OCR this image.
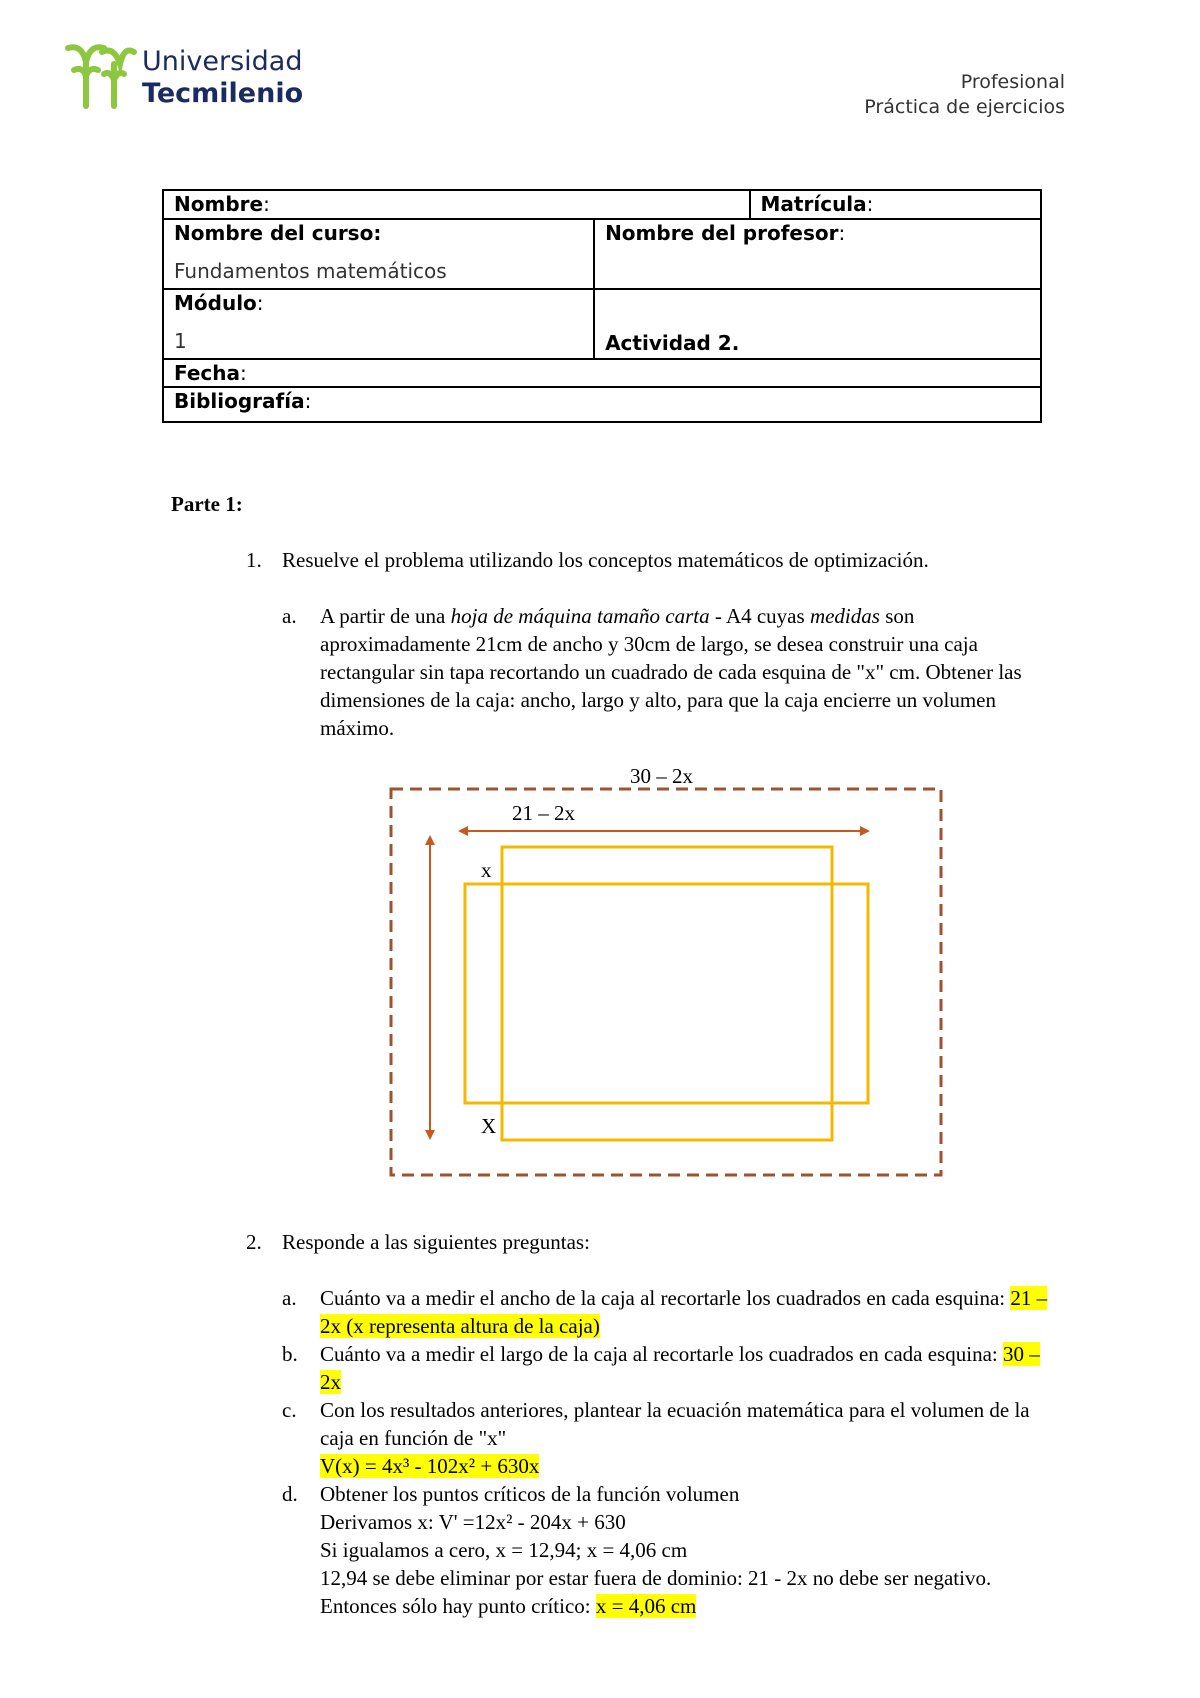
Universidad
Tecmilenio	Profesional
Práctica de ejercicios
Nombre:		Matrícula:

Nombre del curso:
Fundamentos matemáticos	Nombre del profesor:	

Módulo:
1	Actividad 2.	
Fecha:		
Bibliografía:		
Parte 1:
1. Resuelve el problema utilizando los conceptos matemáticos de optimización.
a.	A partir de una hoja de máquina tamaño carta - A4 cuyas medidas son aproximadamente 21cm de ancho y 30cm de largo, se desea construir una caja rectangular sin tapa recortando un cuadrado de cada esquina de "x" cm. Obtener las dimensiones de la caja: ancho, largo y alto, para que la caja encierre un volumen máximo.
30 – 2x
21 – 2x
x
X
2. Responde a las siguientes preguntas:
a.	Cuánto va a medir el ancho de la caja al recortarle los cuadrados en cada esquina: 21 – 2x (x representa altura de la caja)
b.	Cuánto va a medir el largo de la caja al recortarle los cuadrados en cada esquina: 30 – 2x
c. Con los resultados anteriores, plantear la ecuación matemática para el volumen de la caja en función de "x"
V(x) = 4x³ - 102x² + 630x
d. Obtener los puntos críticos de la función volumen
Derivamos x: V' =12x² - 204x + 630
Si igualamos a cero, x = 12,94; x = 4,06 cm
12,94 se debe eliminar por estar fuera de dominio: 21 - 2x no debe ser negativo. Entonces sólo hay punto crítico: x = 4,06 cm
